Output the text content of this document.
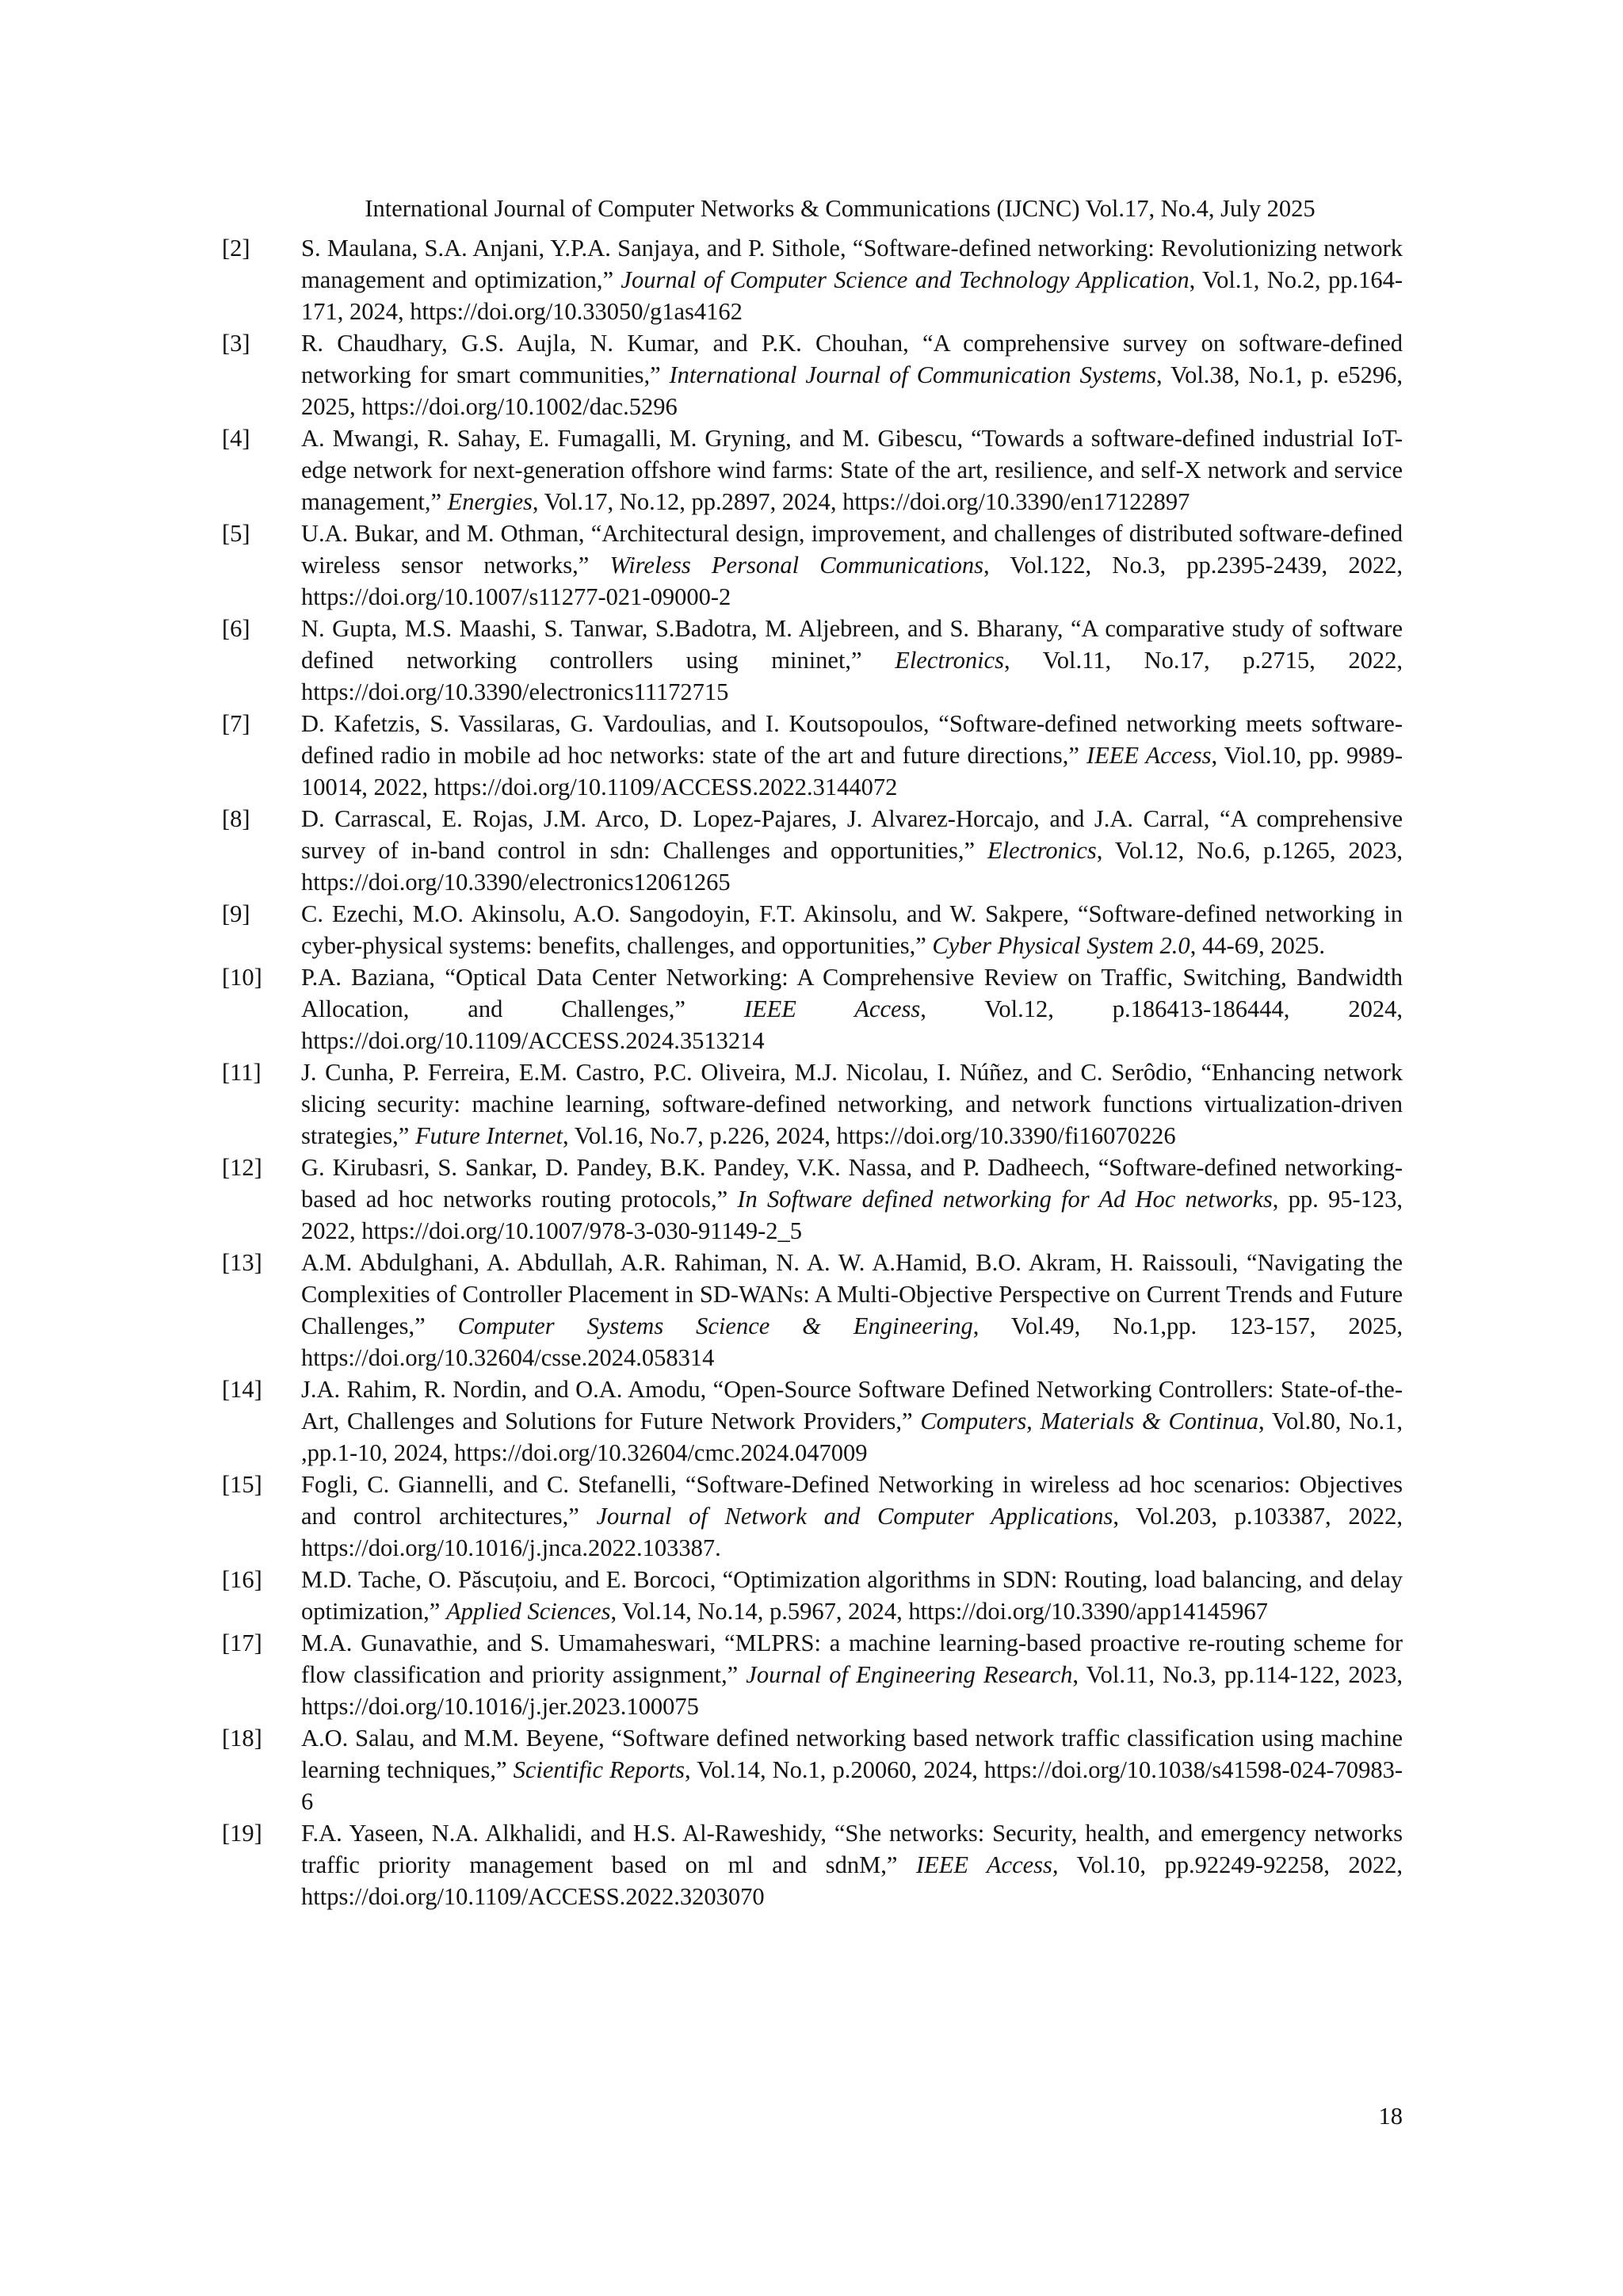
International Journal of Computer Networks & Communications (IJCNC) Vol.17, No.4, July 2025
[2]	S. Maulana, S.A. Anjani, Y.P.A. Sanjaya, and P. Sithole, “Software-defined networking: Revolutionizing network management and optimization,” Journal of Computer Science and Technology Application, Vol.1, No.2, pp.164-171, 2024, https://doi.org/10.33050/g1as4162
[3]	R. Chaudhary, G.S. Aujla, N. Kumar, and P.K. Chouhan, “A comprehensive survey on software-defined networking for smart communities,” International Journal of Communication Systems, Vol.38, No.1, p. e5296, 2025, https://doi.org/10.1002/dac.5296
[4]	A. Mwangi, R. Sahay, E. Fumagalli, M. Gryning, and M. Gibescu, “Towards a software-defined industrial IoT-edge network for next-generation offshore wind farms: State of the art, resilience, and self-X network and service management,” Energies, Vol.17, No.12, pp.2897, 2024, https://doi.org/10.3390/en17122897
[5]	U.A. Bukar, and M. Othman, “Architectural design, improvement, and challenges of distributed software-defined wireless sensor networks,” Wireless Personal Communications, Vol.122, No.3, pp.2395-2439, 2022, https://doi.org/10.1007/s11277-021-09000-2
[6]	N. Gupta, M.S. Maashi, S. Tanwar, S.Badotra, M. Aljebreen, and S. Bharany, “A comparative study of software defined networking controllers using mininet,” Electronics, Vol.11, No.17, p.2715, 2022, https://doi.org/10.3390/electronics11172715
[7]	D. Kafetzis, S. Vassilaras, G. Vardoulias, and I. Koutsopoulos, “Software-defined networking meets software-defined radio in mobile ad hoc networks: state of the art and future directions,” IEEE Access, Viol.10, pp. 9989-10014, 2022, https://doi.org/10.1109/ACCESS.2022.3144072
[8]	D. Carrascal, E. Rojas, J.M. Arco, D. Lopez-Pajares, J. Alvarez-Horcajo, and J.A. Carral, “A comprehensive survey of in-band control in sdn: Challenges and opportunities,” Electronics, Vol.12, No.6, p.1265, 2023, https://doi.org/10.3390/electronics12061265
[9]	C. Ezechi, M.O. Akinsolu, A.O. Sangodoyin, F.T. Akinsolu, and W. Sakpere, “Software-defined networking in cyber-physical systems: benefits, challenges, and opportunities,” Cyber Physical System 2.0, 44-69, 2025.
[10]	P.A. Baziana, “Optical Data Center Networking: A Comprehensive Review on Traffic, Switching, Bandwidth Allocation, and Challenges,” IEEE Access, Vol.12, p.186413-186444, 2024, https://doi.org/10.1109/ACCESS.2024.3513214
[11]	J. Cunha, P. Ferreira, E.M. Castro, P.C. Oliveira, M.J. Nicolau, I. Núñez, and C. Serôdio, “Enhancing network slicing security: machine learning, software-defined networking, and network functions virtualization-driven strategies,” Future Internet, Vol.16, No.7, p.226, 2024, https://doi.org/10.3390/fi16070226
[12]	G. Kirubasri, S. Sankar, D. Pandey, B.K. Pandey, V.K. Nassa, and P. Dadheech, “Software-defined networking-based ad hoc networks routing protocols,” In Software defined networking for Ad Hoc networks, pp. 95-123, 2022, https://doi.org/10.1007/978-3-030-91149-2_5
[13]	A.M. Abdulghani, A. Abdullah, A.R. Rahiman, N. A. W. A.Hamid, B.O. Akram, H. Raissouli, “Navigating the Complexities of Controller Placement in SD-WANs: A Multi-Objective Perspective on Current Trends and Future Challenges,” Computer Systems Science & Engineering, Vol.49, No.1,pp. 123-157, 2025, https://doi.org/10.32604/csse.2024.058314
[14]	J.A. Rahim, R. Nordin, and O.A. Amodu, “Open-Source Software Defined Networking Controllers: State-of-the-Art, Challenges and Solutions for Future Network Providers,” Computers, Materials & Continua, Vol.80, No.1, ,pp.1-10, 2024, https://doi.org/10.32604/cmc.2024.047009
[15]	Fogli, C. Giannelli, and C. Stefanelli, “Software-Defined Networking in wireless ad hoc scenarios: Objectives and control architectures,” Journal of Network and Computer Applications, Vol.203, p.103387, 2022, https://doi.org/10.1016/j.jnca.2022.103387.
[16]	M.D. Tache, O. Păscuțoiu, and E. Borcoci, “Optimization algorithms in SDN: Routing, load balancing, and delay optimization,” Applied Sciences, Vol.14, No.14, p.5967, 2024, https://doi.org/10.3390/app14145967
[17]	M.A. Gunavathie, and S. Umamaheswari, “MLPRS: a machine learning-based proactive re-routing scheme for flow classification and priority assignment,” Journal of Engineering Research, Vol.11, No.3, pp.114-122, 2023, https://doi.org/10.1016/j.jer.2023.100075
[18]	A.O. Salau, and M.M. Beyene, “Software defined networking based network traffic classification using machine learning techniques,” Scientific Reports, Vol.14, No.1, p.20060, 2024, https://doi.org/10.1038/s41598-024-70983-6
[19]	F.A. Yaseen, N.A. Alkhalidi, and H.S. Al-Raweshidy, “She networks: Security, health, and emergency networks traffic priority management based on ml and sdnM,” IEEE Access, Vol.10, pp.92249-92258, 2022, https://doi.org/10.1109/ACCESS.2022.3203070
18
